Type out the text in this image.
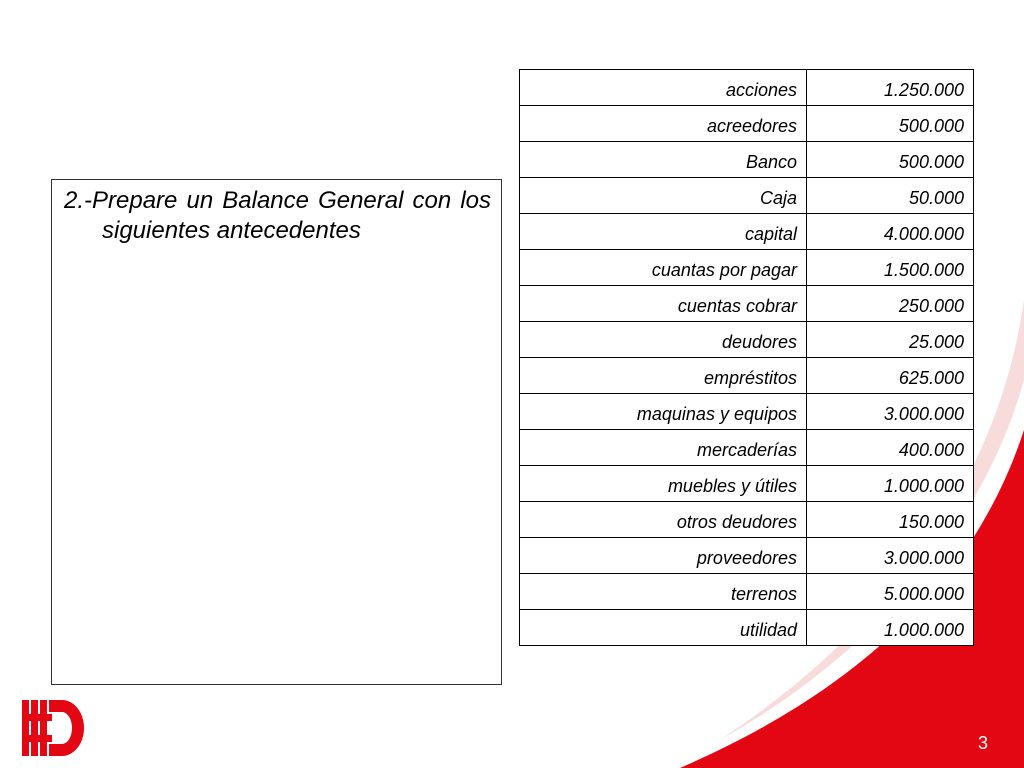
2.-Prepare un Balance General con los siguientes antecedentes

acciones	1.250.000
acreedores	500.000
Banco	500.000
Caja	50.000
capital	4.000.000
cuantas por pagar	1.500.000
cuentas cobrar	250.000
deudores	25.000
empréstitos	625.000
maquinas y equipos	3.000.000
mercaderías	400.000
muebles y útiles	1.000.000
otros deudores	150.000
proveedores	3.000.000
terrenos	5.000.000
utilidad	1.000.000
3
